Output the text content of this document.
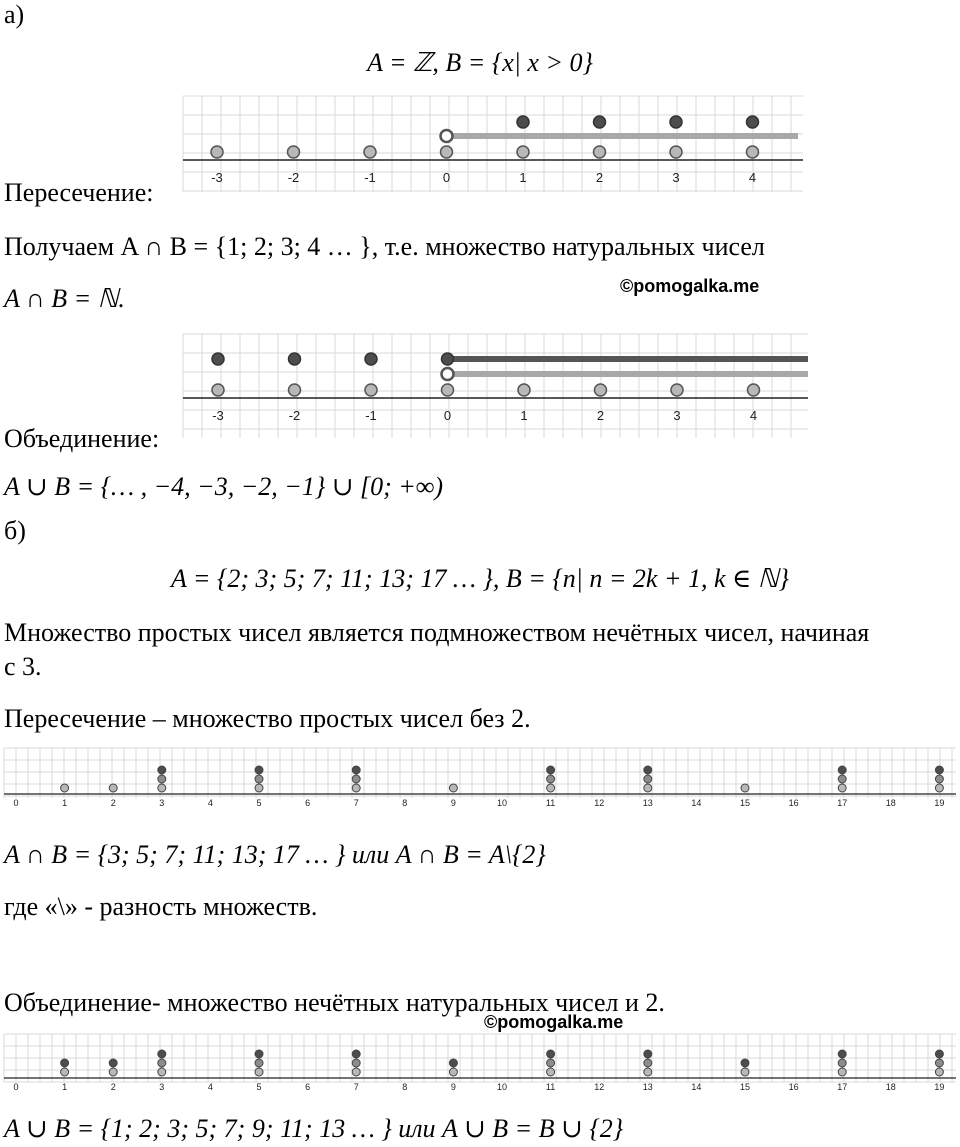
а)
A = ℤ, B = {x| x > 0}
-3	-2	-1	0	1	2	3	4
Пересечение:
Получаем A ∩ B = {1; 2; 3; 4 … }, т.е. множество натуральных чисел
A ∩ B = ℕ.	©pomogalka.me
-3	-2	-1	0	1	2	3	4
Объединение:
A ∪ B = {… , −4, −3, −2, −1} ∪ [0; +∞)
б)
A = {2; 3; 5; 7; 11; 13; 17 … }, B = {n| n = 2k + 1, k ∈ ℕ}
Множество простых чисел является подмножеством нечётных чисел, начиная
с 3.
Пересечение – множество простых чисел без 2.
0	1	2	3	4	5	6	7	8	9	10	11	12	13	14	15	16	17	18	19
A ∩ B = {3; 5; 7; 11; 13; 17 … } или A ∩ B = A\{2}
где «\» - разность множеств.
Объединение- множество нечётных натуральных чисел и 2.
©pomogalka.me
0	1	2	3	4	5	6	7	8	9	10	11	12	13	14	15	16	17	18	19
A ∪ B = {1; 2; 3; 5; 7; 9; 11; 13 … } или A ∪ B = B ∪ {2}
